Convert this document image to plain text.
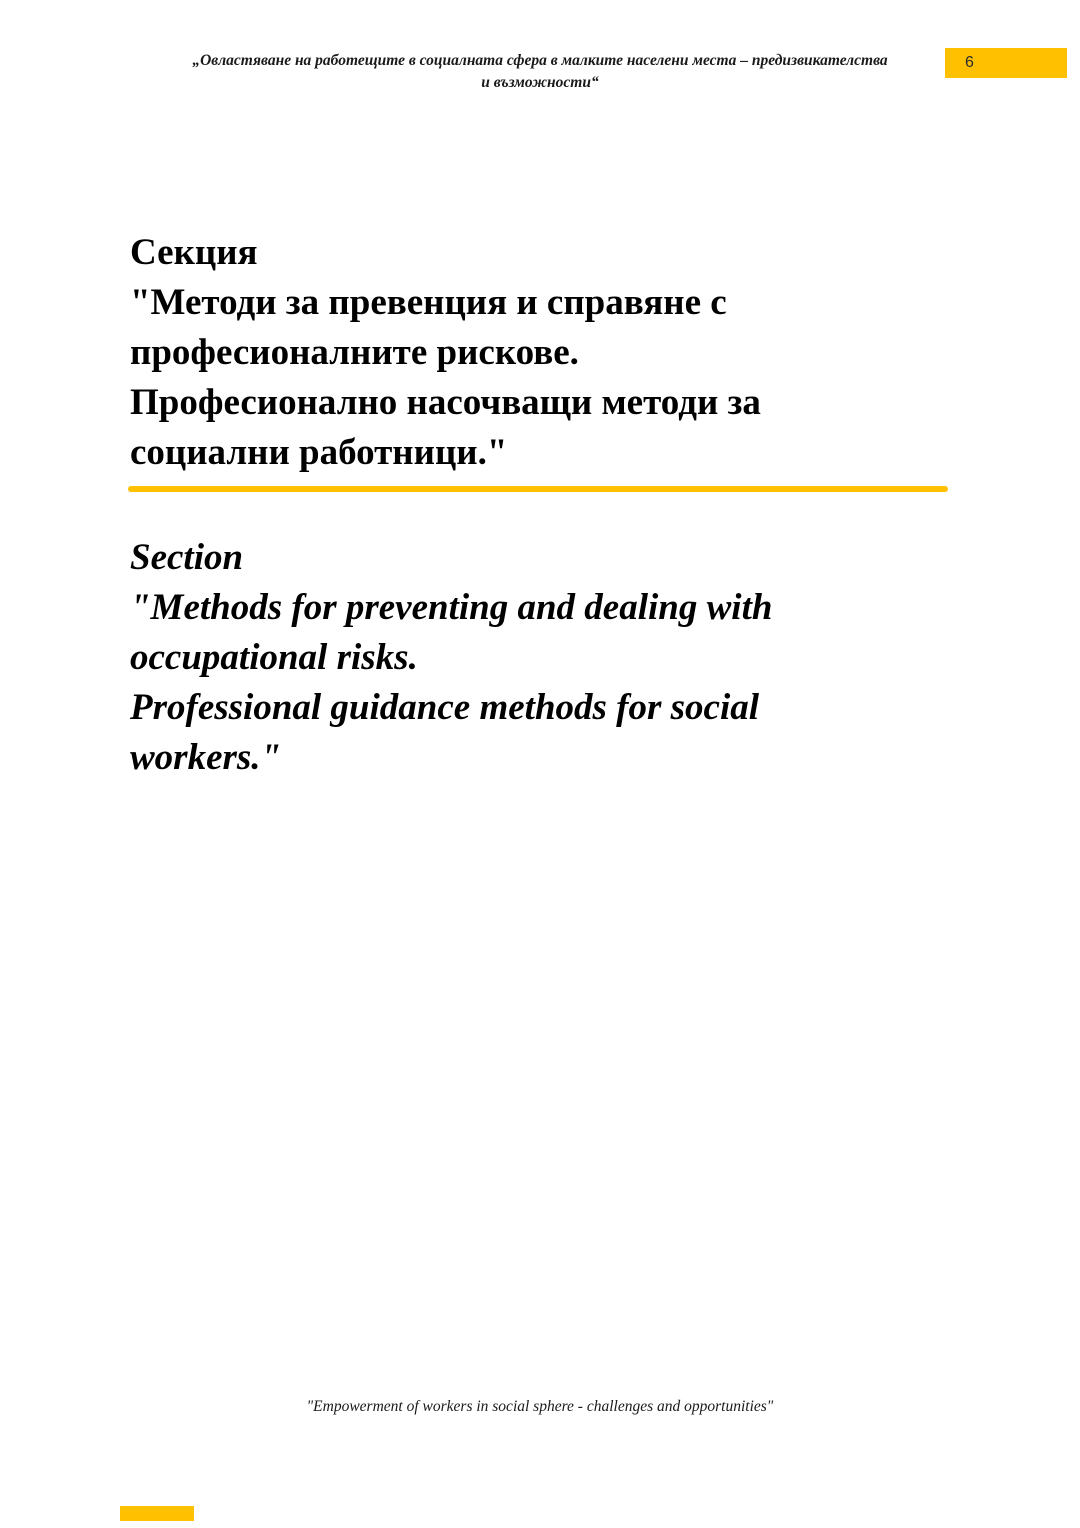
„Овластяване на работещите в социалната сфера в малките населени места – предизвикателства
и възможности“
6
Секция
"Методи за превенция и справяне с
професионалните рискове.
Професионално насочващи методи за
социални работници."
Section
"Methods for preventing and dealing with
occupational risks.
Professional guidance methods for social
workers."
"Empowerment of workers in social sphere - challenges and opportunities"
